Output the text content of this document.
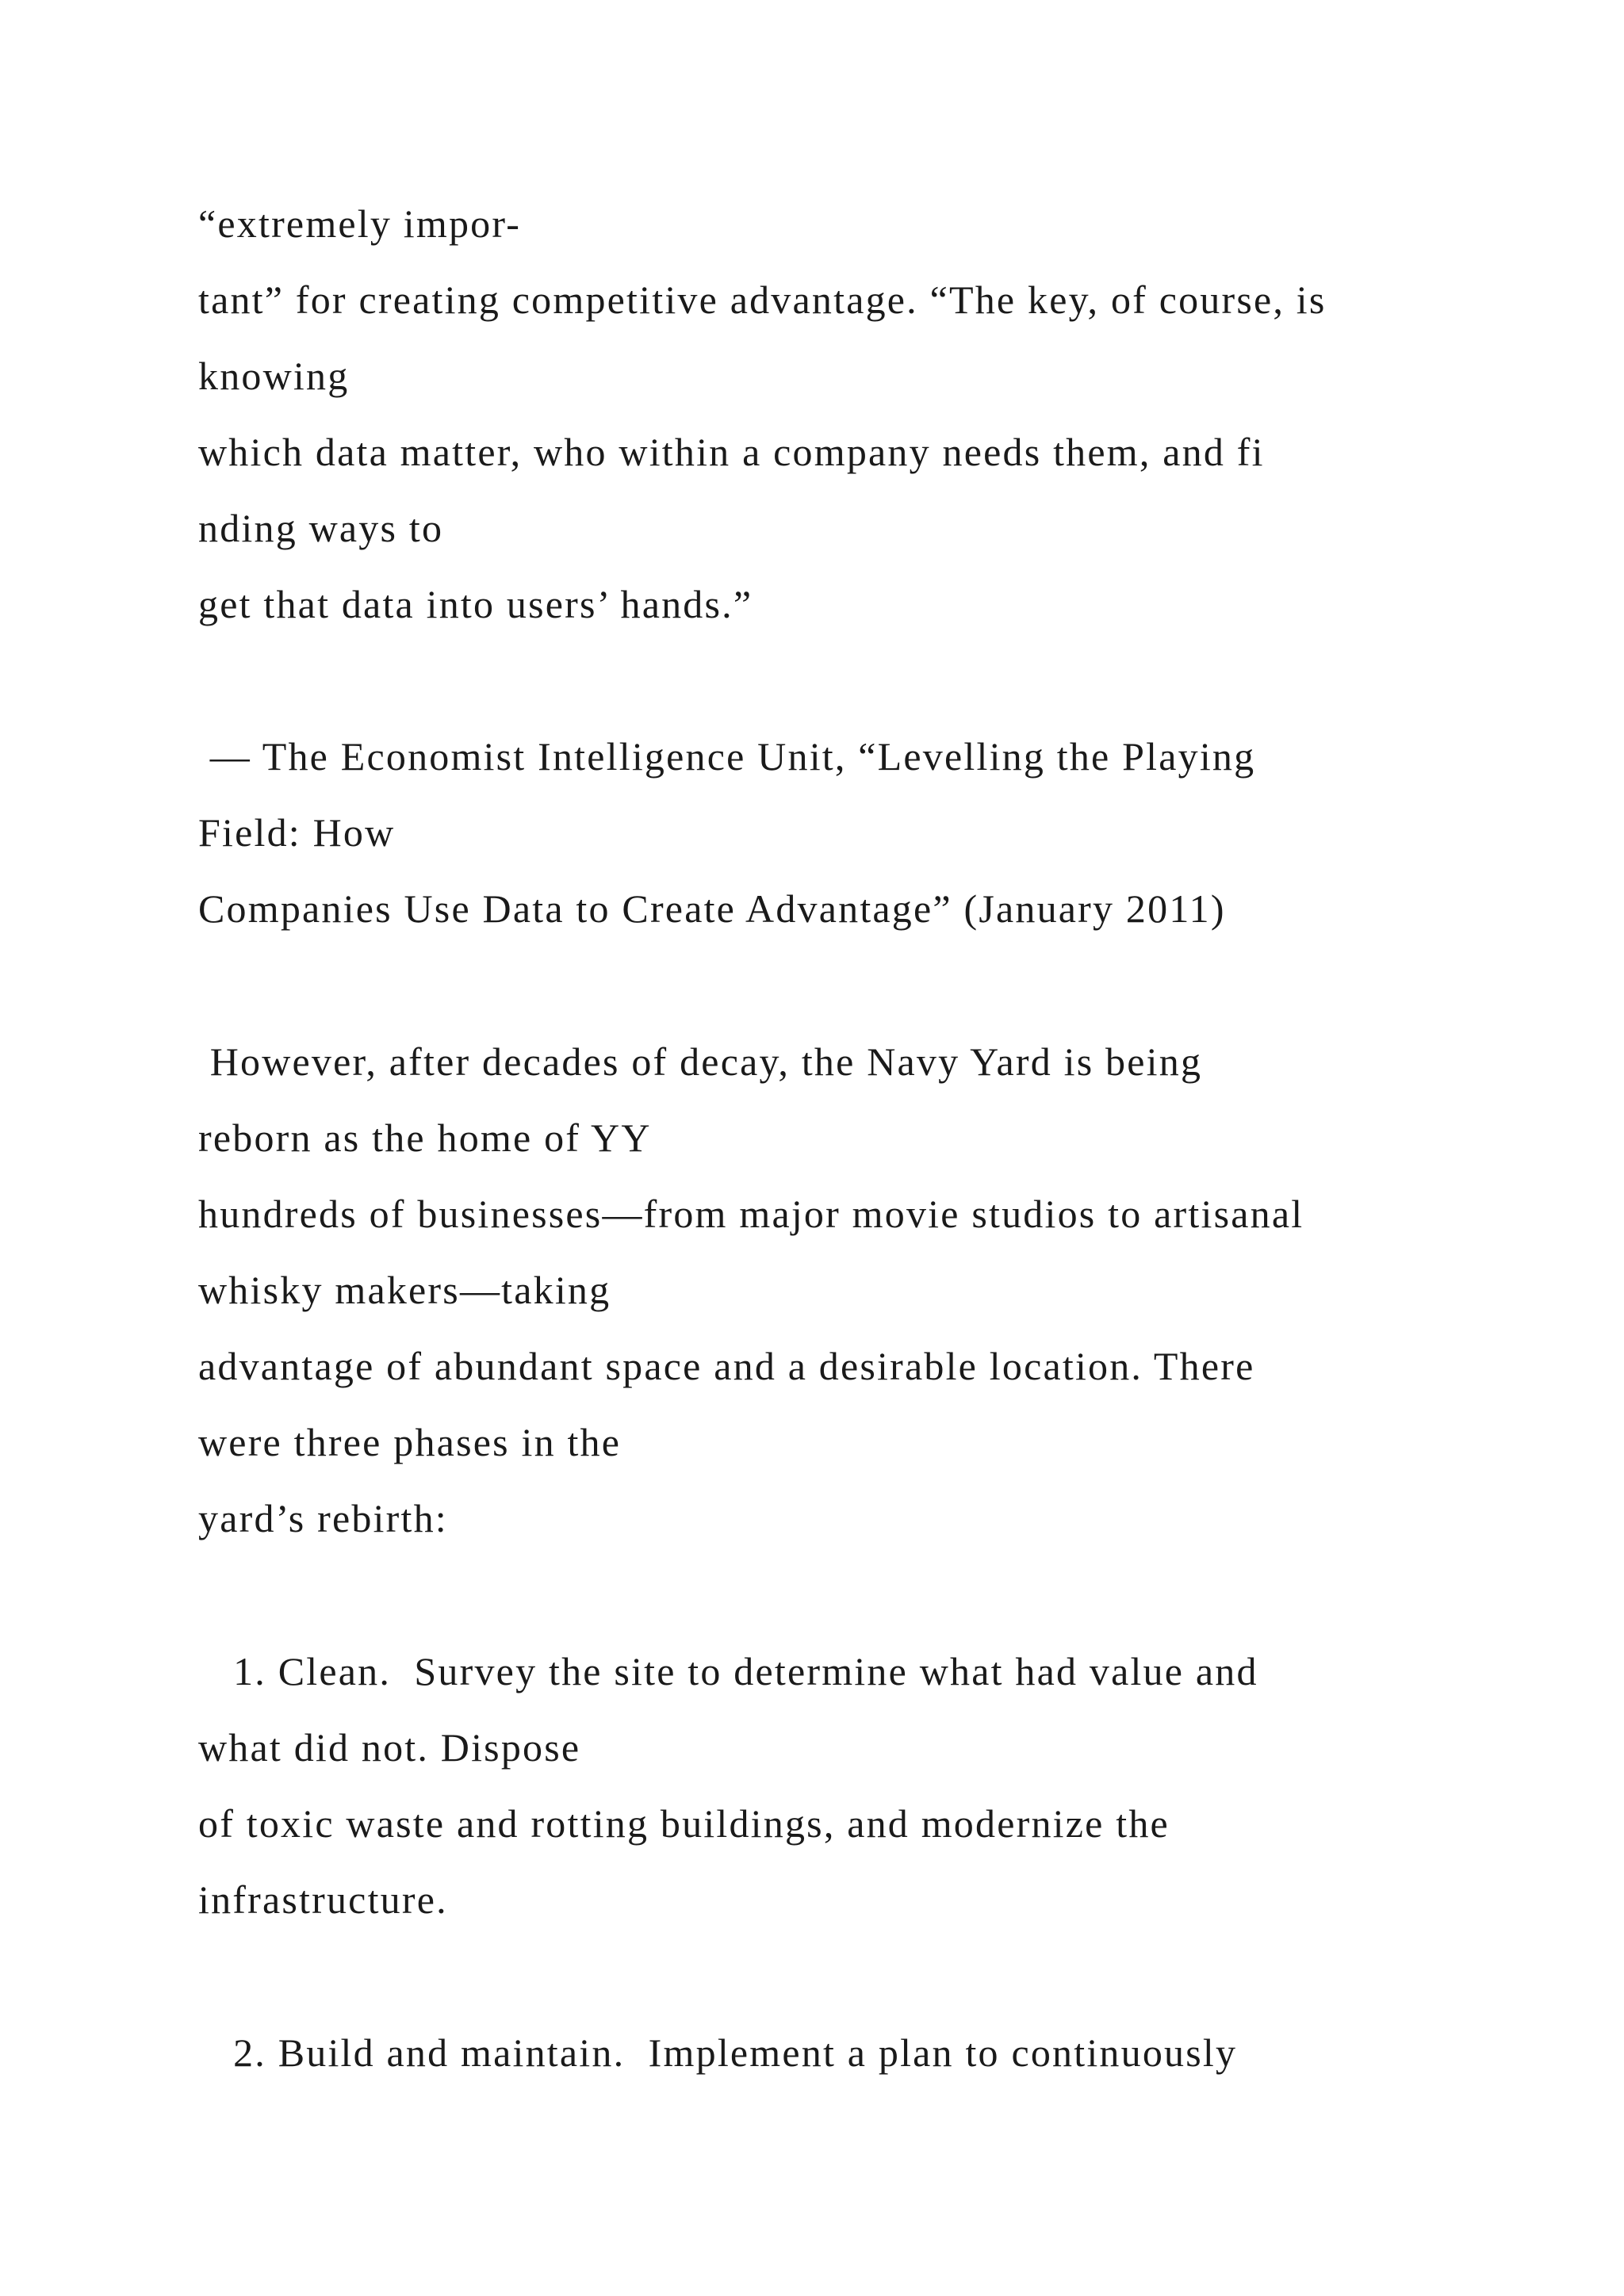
“extremely impor-
tant” for creating competitive advantage. “The key, of course, is
knowing
which data matter, who within a company needs them, and fi
nding ways to
get that data into users’ hands.”
— The Economist Intelligence Unit, “Levelling the Playing
Field: How
Companies Use Data to Create Advantage” (January 2011)
However, after decades of decay, the Navy Yard is being
reborn as the home of YY
hundreds of businesses—from major movie studios to artisanal
whisky makers—taking
advantage of abundant space and a desirable location. There
were three phases in the
yard’s rebirth:
1. Clean.  Survey the site to determine what had value and
what did not. Dispose
of toxic waste and rotting buildings, and modernize the
infrastructure.
2. Build and maintain.  Implement a plan to continuously
